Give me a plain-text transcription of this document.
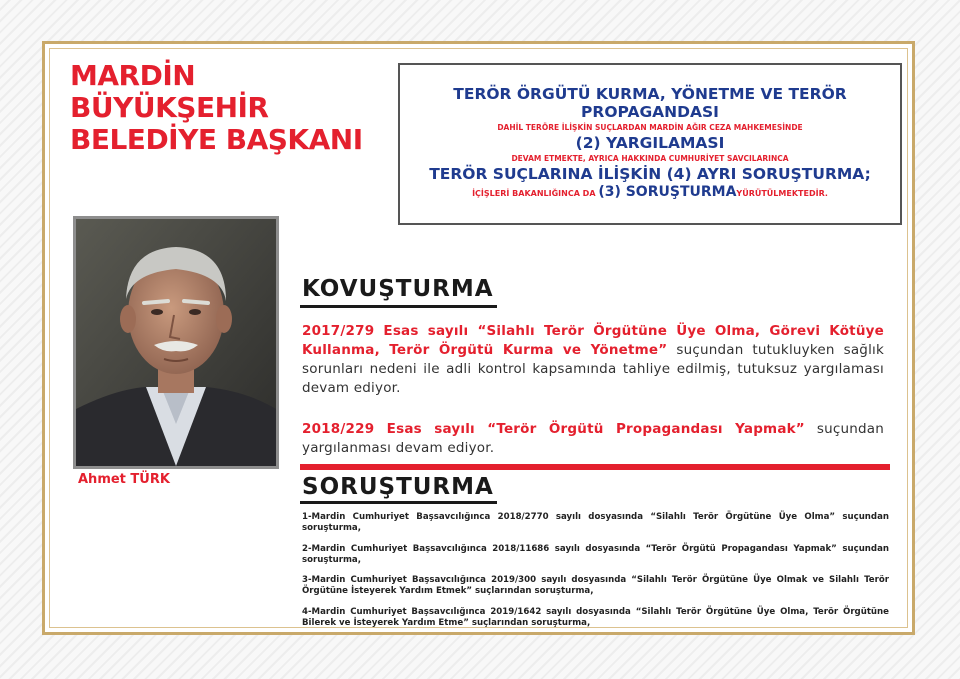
MARDİN
BÜYÜKŞEHİR
BELEDİYE BAŞKANI
TERÖR ÖRGÜTÜ KURMA, YÖNETME VE TERÖR
PROPAGANDASI
DAHİL TERÖRE İLİŞKİN SUÇLARDAN MARDİN AĞIR CEZA MAHKEMESİNDE
(2) YARGILAMASI
DEVAM ETMEKTE, AYRICA HAKKINDA CUMHURİYET SAVCILARINCA
TERÖR SUÇLARINA İLİŞKİN (4) AYRI SORUŞTURMA;
İÇİŞLERİ BAKANLIĞINCA DA (3) SORUŞTURMAYÜRÜTÜLMEKTEDİR.

Ahmet TÜRK

KOVUŞTURMA

2017/279 Esas sayılı “Silahlı Terör Örgütüne Üye Olma, Görevi Kötüye Kullanma, Terör Örgütü Kurma ve Yönetme” suçundan tutukluyken sağlık sorunları nedeni ile adli kontrol kapsamında tahliye edilmiş, tutuksuz yargılaması devam ediyor.

2018/229 Esas sayılı “Terör Örgütü Propagandası Yapmak” suçundan yargılanması devam ediyor.

SORUŞTURMA
1-Mardin Cumhuriyet Başsavcılığınca 2018/2770 sayılı dosyasında “Silahlı Terör Örgütüne Üye Olma” suçundan soruşturma,
2-Mardin Cumhuriyet Başsavcılığınca 2018/11686 sayılı dosyasında “Terör Örgütü Propagandası Yapmak” suçundan soruşturma,
3-Mardin Cumhuriyet Başsavcılığınca 2019/300 sayılı dosyasında “Silahlı Terör Örgütüne Üye Olmak ve Silahlı Terör Örgütüne İsteyerek Yardım Etmek” suçlarından soruşturma,
4-Mardin Cumhuriyet Başsavcılığınca 2019/1642 sayılı dosyasında “Silahlı Terör Örgütüne Üye Olma, Terör Örgütüne Bilerek ve İsteyerek Yardım Etme” suçlarından soruşturma,
